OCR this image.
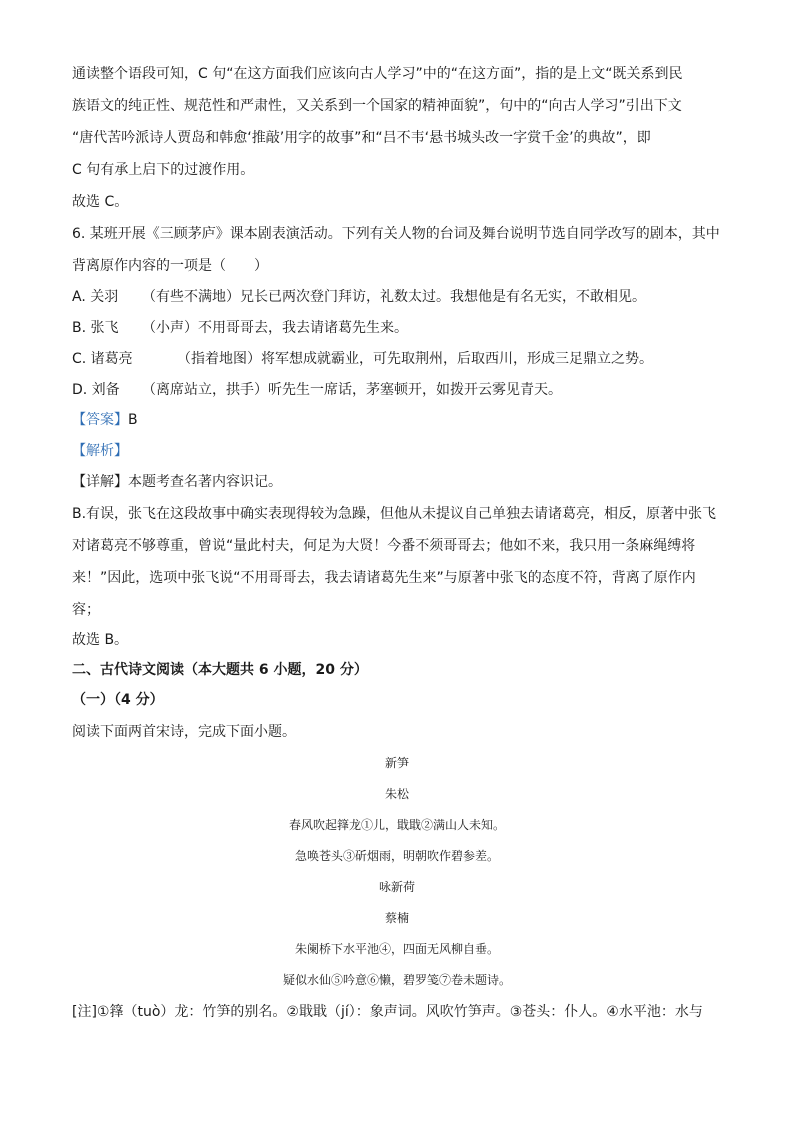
通读整个语段可知，C 句“在这方面我们应该向古人学习”中的“在这方面”，指的是上文“既关系到民
族语文的纯正性、规范性和严肃性，又关系到一个国家的精神面貌”，句中的“向古人学习”引出下文
“唐代苦吟派诗人贾岛和韩愈‘推敲’用字的故事”和“吕不韦‘悬书城头改一字赏千金’的典故”，即
C 句有承上启下的过渡作用。
故选 C。
6. 某班开展《三顾茅庐》课本剧表演活动。下列有关人物的台词及舞台说明节选自同学改写的剧本，其中
背离原作内容的一项是（　　）
A. 关羽 （有些不满地）兄长已两次登门拜访，礼数太过。我想他是有名无实，不敢相见。
B. 张飞 （小声）不用哥哥去，我去请诸葛先生来。
C. 诸葛亮	（指着地图）将军想成就霸业，可先取荆州，后取西川，形成三足鼎立之势。
D. 刘备 （离席站立，拱手）听先生一席话，茅塞顿开，如拨开云雾见青天。
【答案】B
【解析】
【详解】本题考查名著内容识记。
B.有误，张飞在这段故事中确实表现得较为急躁，但他从未提议自己单独去请诸葛亮，相反，原著中张飞
对诸葛亮不够尊重，曾说“量此村夫，何足为大贤！今番不须哥哥去；他如不来，我只用一条麻绳缚将
来！”因此，选项中张飞说“不用哥哥去，我去请诸葛先生来”与原著中张飞的态度不符，背离了原作内
容；
故选 B。
二、古代诗文阅读（本大题共 6 小题，20 分）
（一）（4 分）
阅读下面两首宋诗，完成下面小题。
新笋
朱松
春风吹起箨龙①儿，戢戢②满山人未知。
急唤苍头③斫烟雨，明朝吹作碧参差。
咏新荷
蔡楠
朱阑桥下水平池④，四面无风柳自垂。
疑似水仙⑤吟意⑥懒，碧罗笺⑦卷未题诗。
[注]①箨（tuò）龙：竹笋的别名。②戢戢（jí）：象声词。风吹竹笋声。③苍头：仆人。④水平池：水与
